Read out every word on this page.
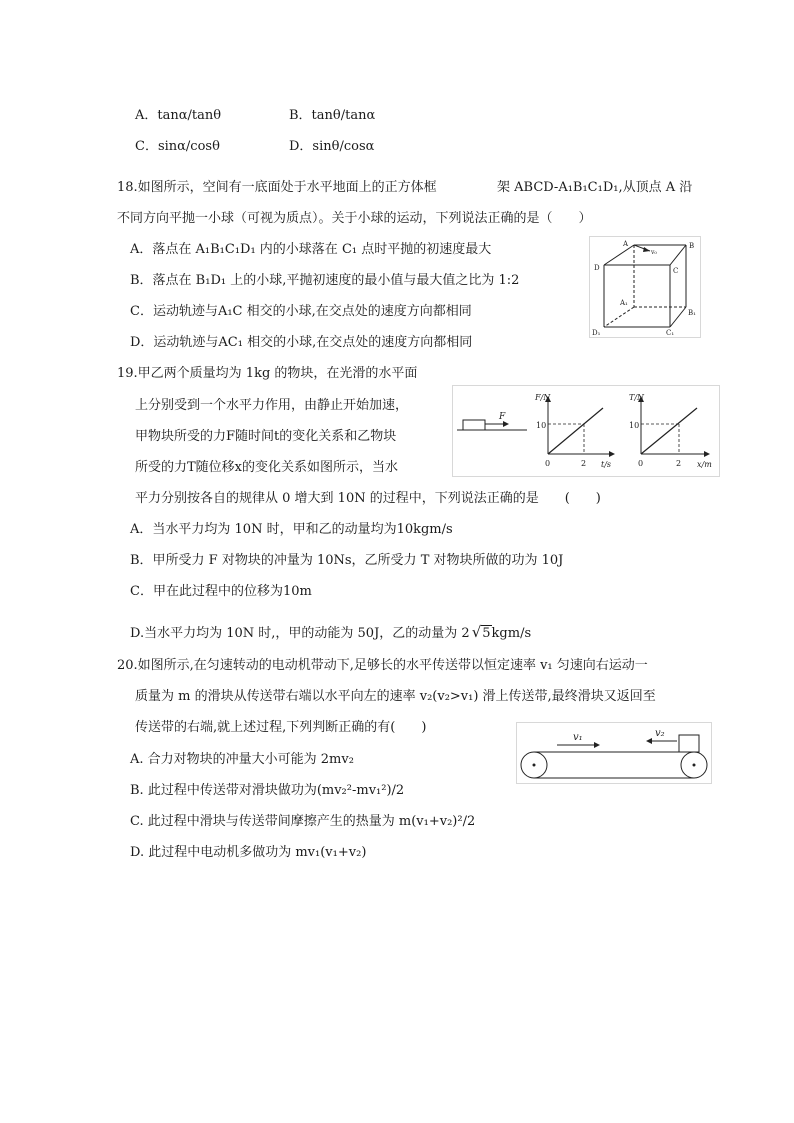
A．tanα/tanθ	B．tanθ/tanα
C．sinα/cosθ	D．sinθ/cosα
18.如图所示，空间有一底面处于水平地面上的正方体框	架 ABCD-A₁B₁C₁D₁,从顶点 A 沿
不同方向平抛一小球（可视为质点）。关于小球的运动，下列说法正确的是（　　）
A．落点在 A₁B₁C₁D₁ 内的小球落在 C₁ 点时平抛的初速度最大
B．落点在 B₁D₁ 上的小球,平抛初速度的最小值与最大值之比为 1:2
C．运动轨迹与A₁C 相交的小球,在交点处的速度方向都相同
D．运动轨迹与AC₁ 相交的小球,在交点处的速度方向都相同
A
v₀
B
C
D
A₁
B₁
C₁
D₁
19.甲乙两个质量均为 1kg 的物块，在光滑的水平面
上分别受到一个水平力作用，由静止开始加速，
甲物块所受的力F随时间t的变化关系和乙物块
所受的力T随位移x的变化关系如图所示，当水
平力分别按各自的规律从 0 增大到 10N 的过程中，下列说法正确的是　　(　　)
A．当水平力均为 10N 时，甲和乙的动量均为10kgm/s
B．甲所受力 F 对物块的冲量为 10Ns，乙所受力 T 对物块所做的功为 10J
C．甲在此过程中的位移为10m
D.当水平力均为 10N 时,，甲的动能为 50J，乙的动量为 2 √5kgm/s
F
F/N
10
0	2 t/s
T/N
10
0	2 x/m
20.如图所示,在匀速转动的电动机带动下,足够长的水平传送带以恒定速率 v₁ 匀速向右运动一
质量为 m 的滑块从传送带右端以水平向左的速率 v₂(v₂>v₁) 滑上传送带,最终滑块又返回至
传送带的右端,就上述过程,下列判断正确的有(　　)
A. 合力对物块的冲量大小可能为 2mv₂
B. 此过程中传送带对滑块做功为(mv₂²-mv₁²)/2
C. 此过程中滑块与传送带间摩擦产生的热量为 m(v₁+v₂)²/2
D. 此过程中电动机多做功为 mv₁(v₁+v₂)
v₁	v₂
